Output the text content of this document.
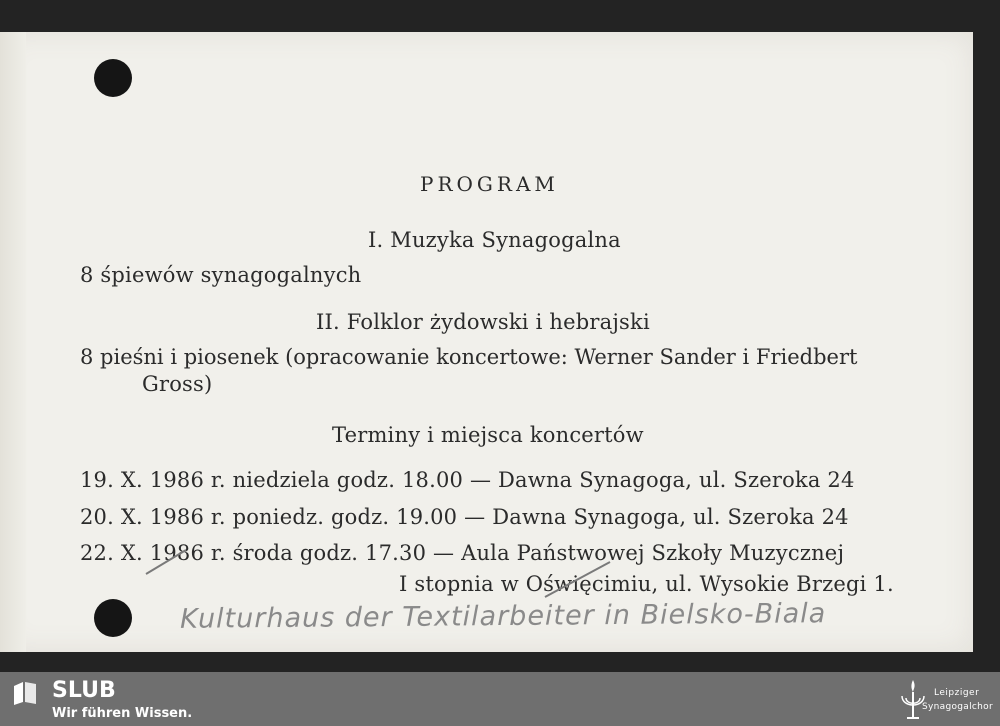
PROGRAM
I. Muzyka Synagogalna
8 śpiewów synagogalnych
II. Folklor żydowski i hebrajski
8 pieśni i piosenek (opracowanie koncertowe: Werner Sander i Friedbert
Gross)
Terminy i miejsca koncertów
19. X. 1986 r. niedziela godz. 18.00 — Dawna Synagoga, ul. Szeroka 24
20. X. 1986 r. poniedz. godz. 19.00 — Dawna Synagoga, ul. Szeroka 24
22. X. 1986 r. środa godz. 17.30 — Aula Państwowej Szkoły Muzycznej
I stopnia w Oświęcimiu, ul. Wysokie Brzegi 1.
Kulturhaus der Textilarbeiter in Bielsko-Biala
SLUB
Wir führen Wissen.
Leipziger
Synagogalchor
